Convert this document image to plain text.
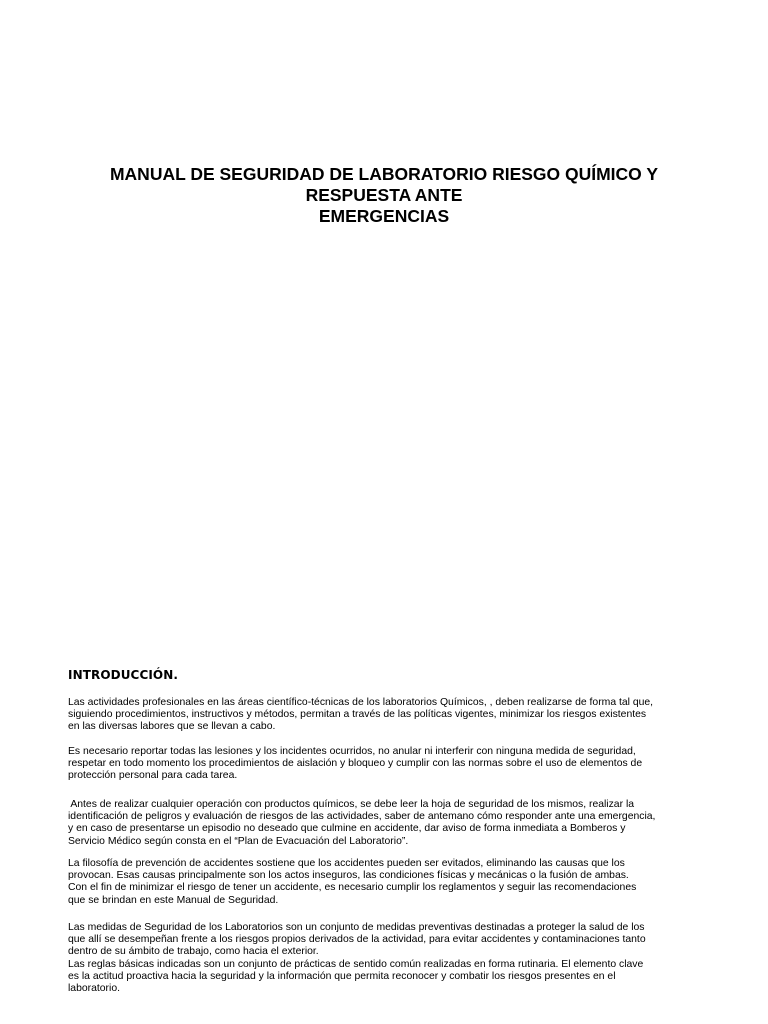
MANUAL DE SEGURIDAD DE LABORATORIO RIESGO QUÍMICO Y
RESPUESTA ANTE
EMERGENCIAS
INTRODUCCIÓN.

Las actividades profesionales en las áreas científico-técnicas de los laboratorios Químicos, , deben realizarse de forma tal que,
siguiendo procedimientos, instructivos y métodos, permitan a través de las políticas vigentes, minimizar los riesgos existentes
en las diversas labores que se llevan a cabo.

Es necesario reportar todas las lesiones y los incidentes ocurridos, no anular ni interferir con ninguna medida de seguridad,
respetar en todo momento los procedimientos de aislación y bloqueo y cumplir con las normas sobre el uso de elementos de
protección personal para cada tarea.

Antes de realizar cualquier operación con productos químicos, se debe leer la hoja de seguridad de los mismos, realizar la
identificación de peligros y evaluación de riesgos de las actividades, saber de antemano cómo responder ante una emergencia,
y en caso de presentarse un episodio no deseado que culmine en accidente, dar aviso de forma inmediata a Bomberos y
Servicio Médico según consta en el “Plan de Evacuación del Laboratorio”.

La filosofía de prevención de accidentes sostiene que los accidentes pueden ser evitados, eliminando las causas que los
provocan. Esas causas principalmente son los actos inseguros, las condiciones físicas y mecánicas o la fusión de ambas.
Con el fin de minimizar el riesgo de tener un accidente, es necesario cumplir los reglamentos y seguir las recomendaciones
que se brindan en este Manual de Seguridad.

Las medidas de Seguridad de los Laboratorios son un conjunto de medidas preventivas destinadas a proteger la salud de los
que allí se desempeñan frente a los riesgos propios derivados de la actividad, para evitar accidentes y contaminaciones tanto
dentro de su ámbito de trabajo, como hacia el exterior.
Las reglas básicas indicadas son un conjunto de prácticas de sentido común realizadas en forma rutinaria. El elemento clave
es la actitud proactiva hacia la seguridad y la información que permita reconocer y combatir los riesgos presentes en el
laboratorio.
